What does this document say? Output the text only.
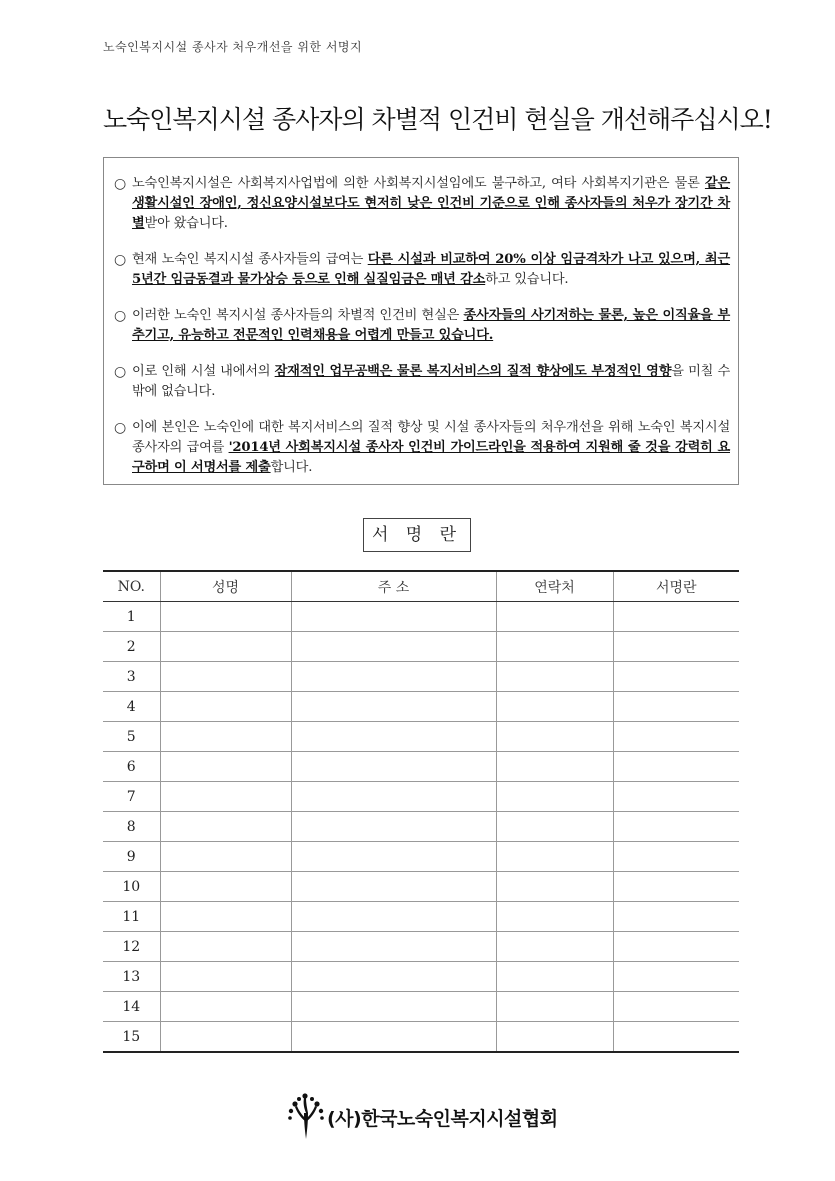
노숙인복지시설 종사자 처우개선을 위한 서명지
노숙인복지시설 종사자의 차별적 인건비 현실을 개선해주십시오!
○ 노숙인복지시설은 사회복지사업법에 의한 사회복지시설임에도 불구하고, 여타 사회복지기관은 물론 같은 생활시설인 장애인, 정신요양시설보다도 현저히 낮은 인건비 기준으로 인해 종사자들의 처우가 장기간 차별받아 왔습니다.
○ 현재 노숙인 복지시설 종사자들의 급여는 다른 시설과 비교하여 20% 이상 임금격차가 나고 있으며, 최근 5년간 임금동결과 물가상승 등으로 인해 실질임금은 매년 감소하고 있습니다.
○ 이러한 노숙인 복지시설 종사자들의 차별적 인건비 현실은 종사자들의 사기저하는 물론, 높은 이직율을 부추기고, 유능하고 전문적인 인력채용을 어렵게 만들고 있습니다.
○ 이로 인해 시설 내에서의 잠재적인 업무공백은 물론 복지서비스의 질적 향상에도 부정적인 영향을 미칠 수 밖에 없습니다.
○ 이에 본인은 노숙인에 대한 복지서비스의 질적 향상 및 시설 종사자들의 처우개선을 위해 노숙인 복지시설 종사자의 급여를 '2014년 사회복지시설 종사자 인건비 가이드라인을 적용하여 지원해 줄 것을 강력히 요구하며 이 서명서를 제출합니다.
서 명 란
NO.	성명	주 소	연락처	서명란
1				
2				
3				
4				
5				
6				
7				
8				
9				
10				
11				
12				
13				
14				
15				
(사)한국노숙인복지시설협회
